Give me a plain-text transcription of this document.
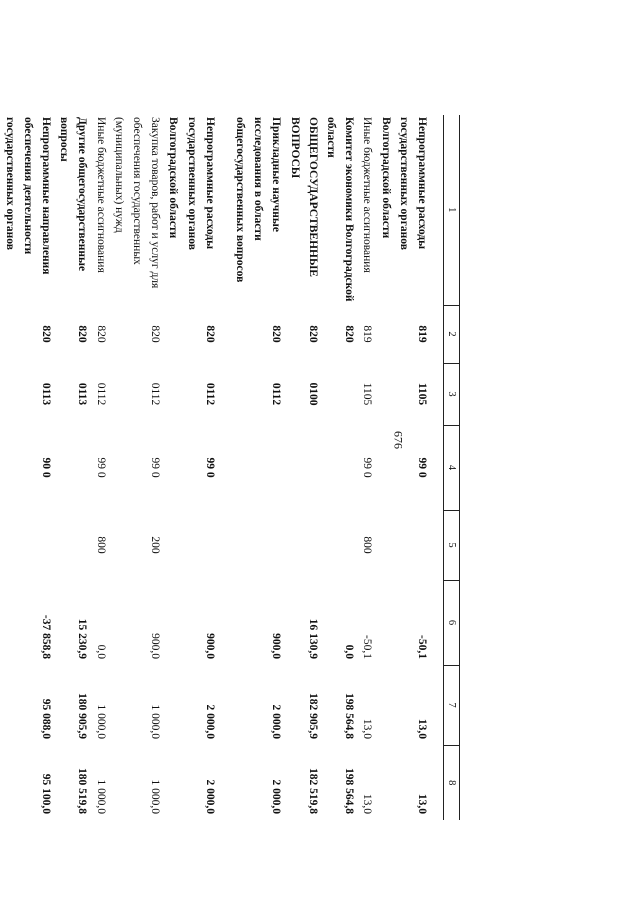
676
1	2	3	4	5	6	7	8
Непрограммные расходы государственных органов Волгоградской области	819	1105	99 0		-50,1	13,0	13,0
Иные бюджетные ассигнования	819	1105	99 0	800	-50,1	13,0	13,0
Комитет экономики Волгоградской области	820				0,0	198 564,8	198 564,8
ОБЩЕГОСУДАРСТВЕННЫЕ ВОПРОСЫ	820	0100			16 130,9	182 905,9	182 519,8
Прикладные научные исследования в области общегосударственных вопросов	820	0112			900,0	2 000,0	2 000,0
Непрограммные расходы государственных органов Волгоградской области	820	0112	99 0		900,0	2 000,0	2 000,0
Закупка товаров, работ и услуг для обеспечения государственных (муниципальных) нужд	820	0112	99 0	200	900,0	1 000,0	1 000,0
Иные бюджетные ассигнования	820	0112	99 0	800	0,0	1 000,0	1 000,0
Другие общегосударственные вопросы	820	0113			15 230,9	180 905,9	180 519,8
Непрограммные направления обеспечения деятельности государственных органов	820	0113	90 0		-37 858,8	95 088,0	95 100,0
